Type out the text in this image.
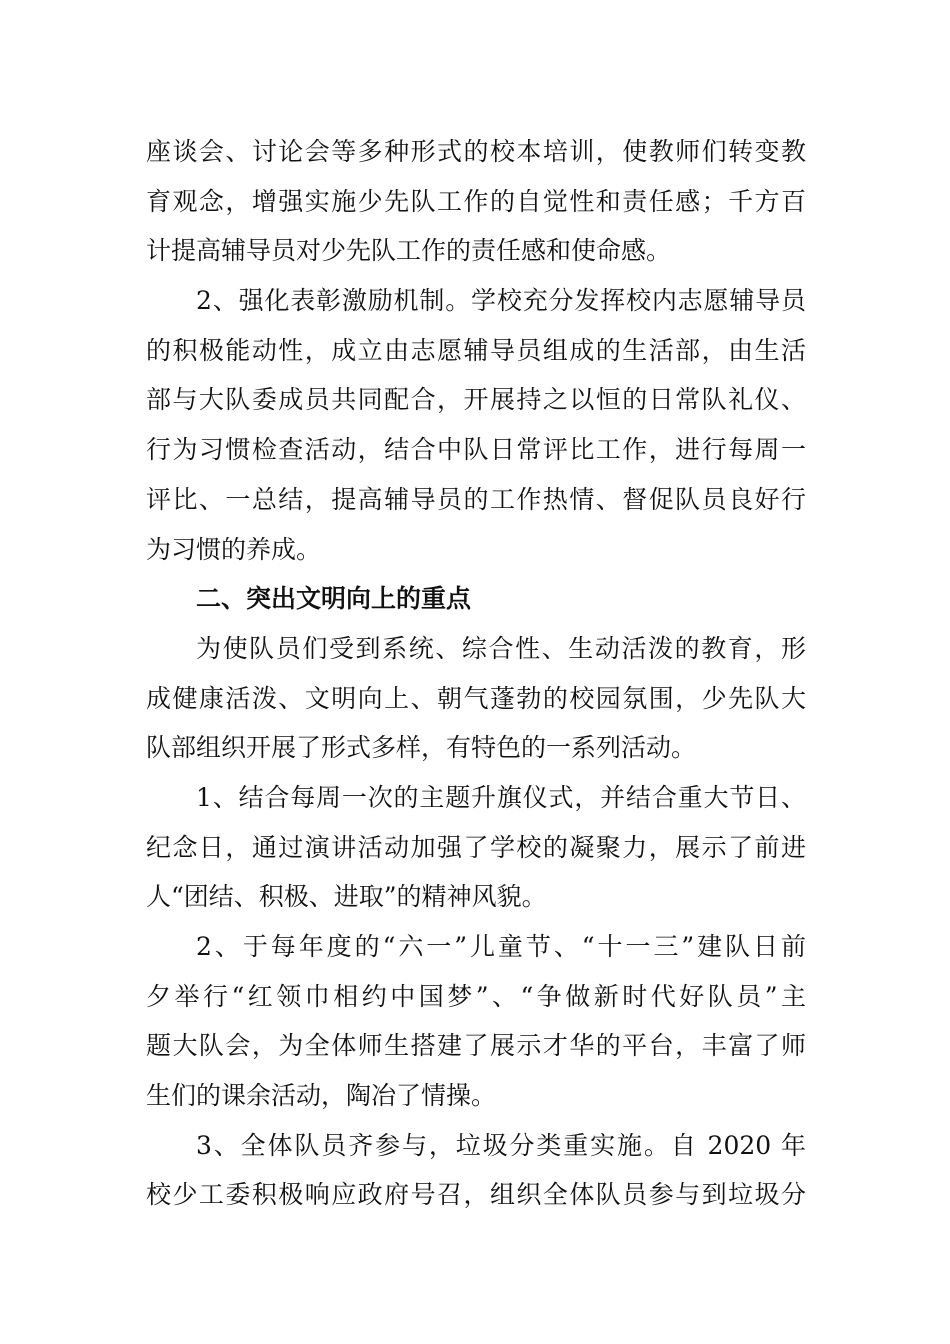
座谈会、讨论会等多种形式的校本培训，使教师们转变教
育观念，增强实施少先队工作的自觉性和责任感；千方百
计提高辅导员对少先队工作的责任感和使命感。
2、强化表彰激励机制。学校充分发挥校内志愿辅导员
的积极能动性，成立由志愿辅导员组成的生活部，由生活
部与大队委成员共同配合，开展持之以恒的日常队礼仪、
行为习惯检查活动，结合中队日常评比工作，进行每周一
评比、一总结，提高辅导员的工作热情、督促队员良好行
为习惯的养成。
二、突出文明向上的重点
为使队员们受到系统、综合性、生动活泼的教育，形
成健康活泼、文明向上、朝气蓬勃的校园氛围，少先队大
队部组织开展了形式多样，有特色的一系列活动。
1、结合每周一次的主题升旗仪式，并结合重大节日、
纪念日，通过演讲活动加强了学校的凝聚力，展示了前进
人“团结、积极、进取”的精神风貌。
2、于每年度的“六一”儿童节、“十一三”建队日前
夕举行“红领巾相约中国梦”、“争做新时代好队员”主
题大队会，为全体师生搭建了展示才华的平台，丰富了师
生们的课余活动，陶冶了情操。
3、全体队员齐参与，垃圾分类重实施。自 2020 年
校少工委积极响应政府号召，组织全体队员参与到垃圾分
